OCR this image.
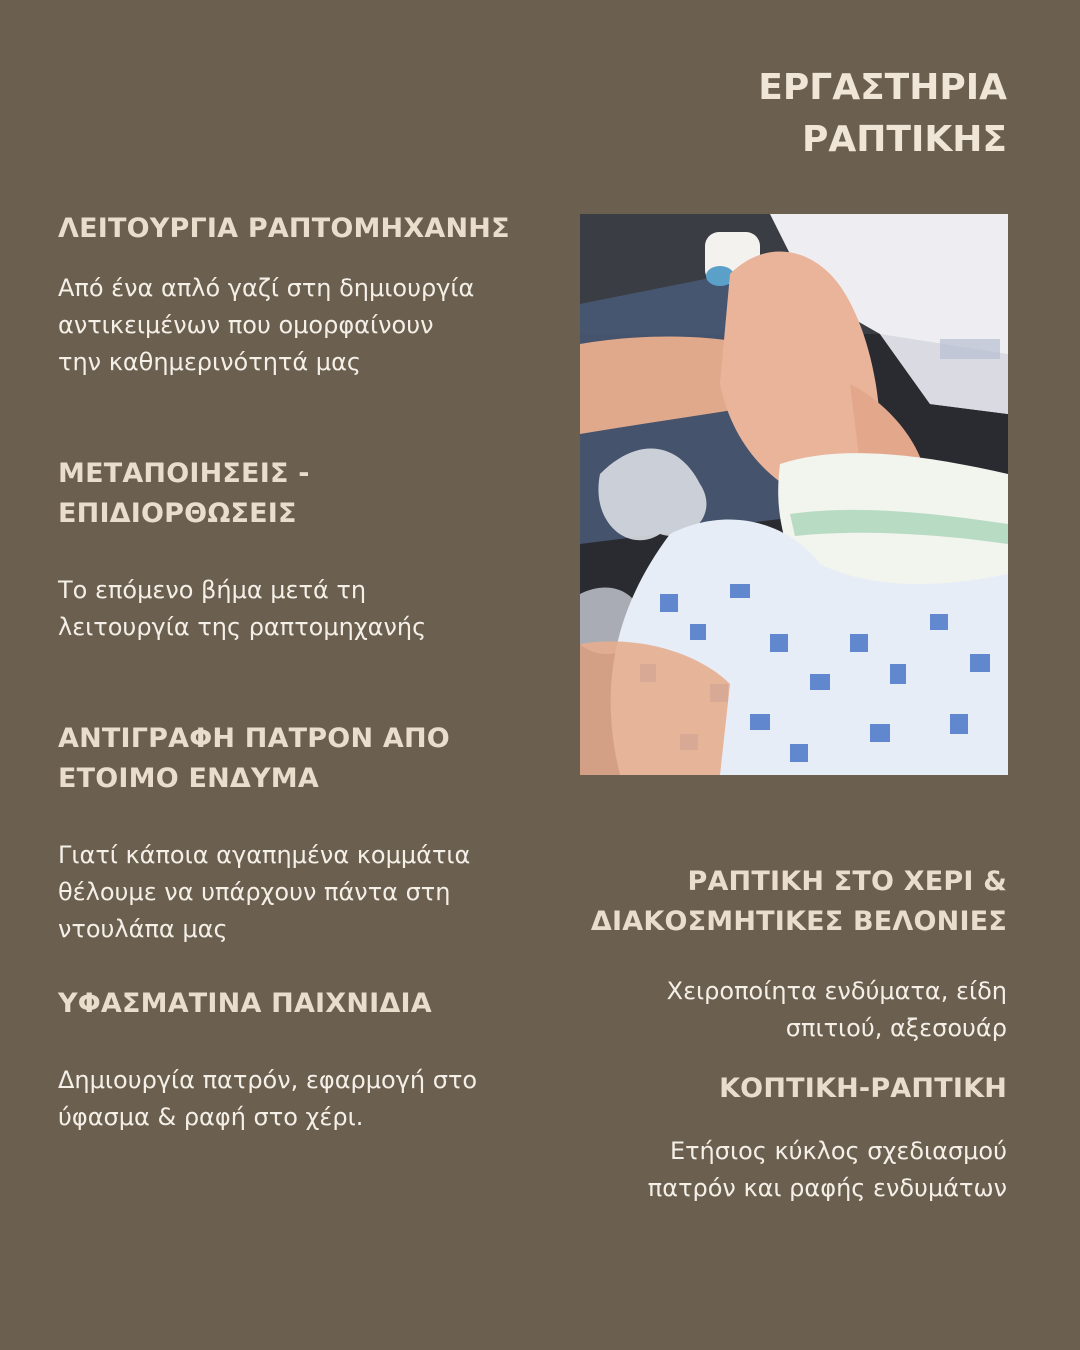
ΕΡΓΑΣΤΗΡΙΑ
ΡΑΠΤΙΚΗΣ
ΛΕΙΤΟΥΡΓΙΑ ΡΑΠΤΟΜΗΧΑΝΗΣ

Από ένα απλό γαζί στη δημιουργία
αντικειμένων που ομορφαίνουν
την καθημερινότητά μας

ΜΕΤΑΠΟΙΗΣΕΙΣ -
ΕΠΙΔΙΟΡΘΩΣΕΙΣ

Το επόμενο βήμα μετά τη
λειτουργία της ραπτομηχανής

ΑΝΤΙΓΡΑΦΗ ΠΑΤΡΟΝ ΑΠΟ
ΕΤΟΙΜΟ ΕΝΔΥΜΑ

Γιατί κάποια αγαπημένα κομμάτια
θέλουμε να υπάρχουν πάντα στη
ντουλάπα μας

ΥΦΑΣΜΑΤΙΝΑ ΠΑΙΧΝΙΔΙΑ

Δημιουργία πατρόν, εφαρμογή στο
ύφασμα & ραφή στο χέρι.

ΡΑΠΤΙΚΗ ΣΤΟ ΧΕΡΙ &
ΔΙΑΚΟΣΜΗΤΙΚΕΣ ΒΕΛΟΝΙΕΣ

Χειροποίητα ενδύματα, είδη
σπιτιού, αξεσουάρ

ΚΟΠΤΙΚΗ-ΡΑΠΤΙΚΗ

Ετήσιος κύκλος σχεδιασμού
πατρόν και ραφής ενδυμάτων
